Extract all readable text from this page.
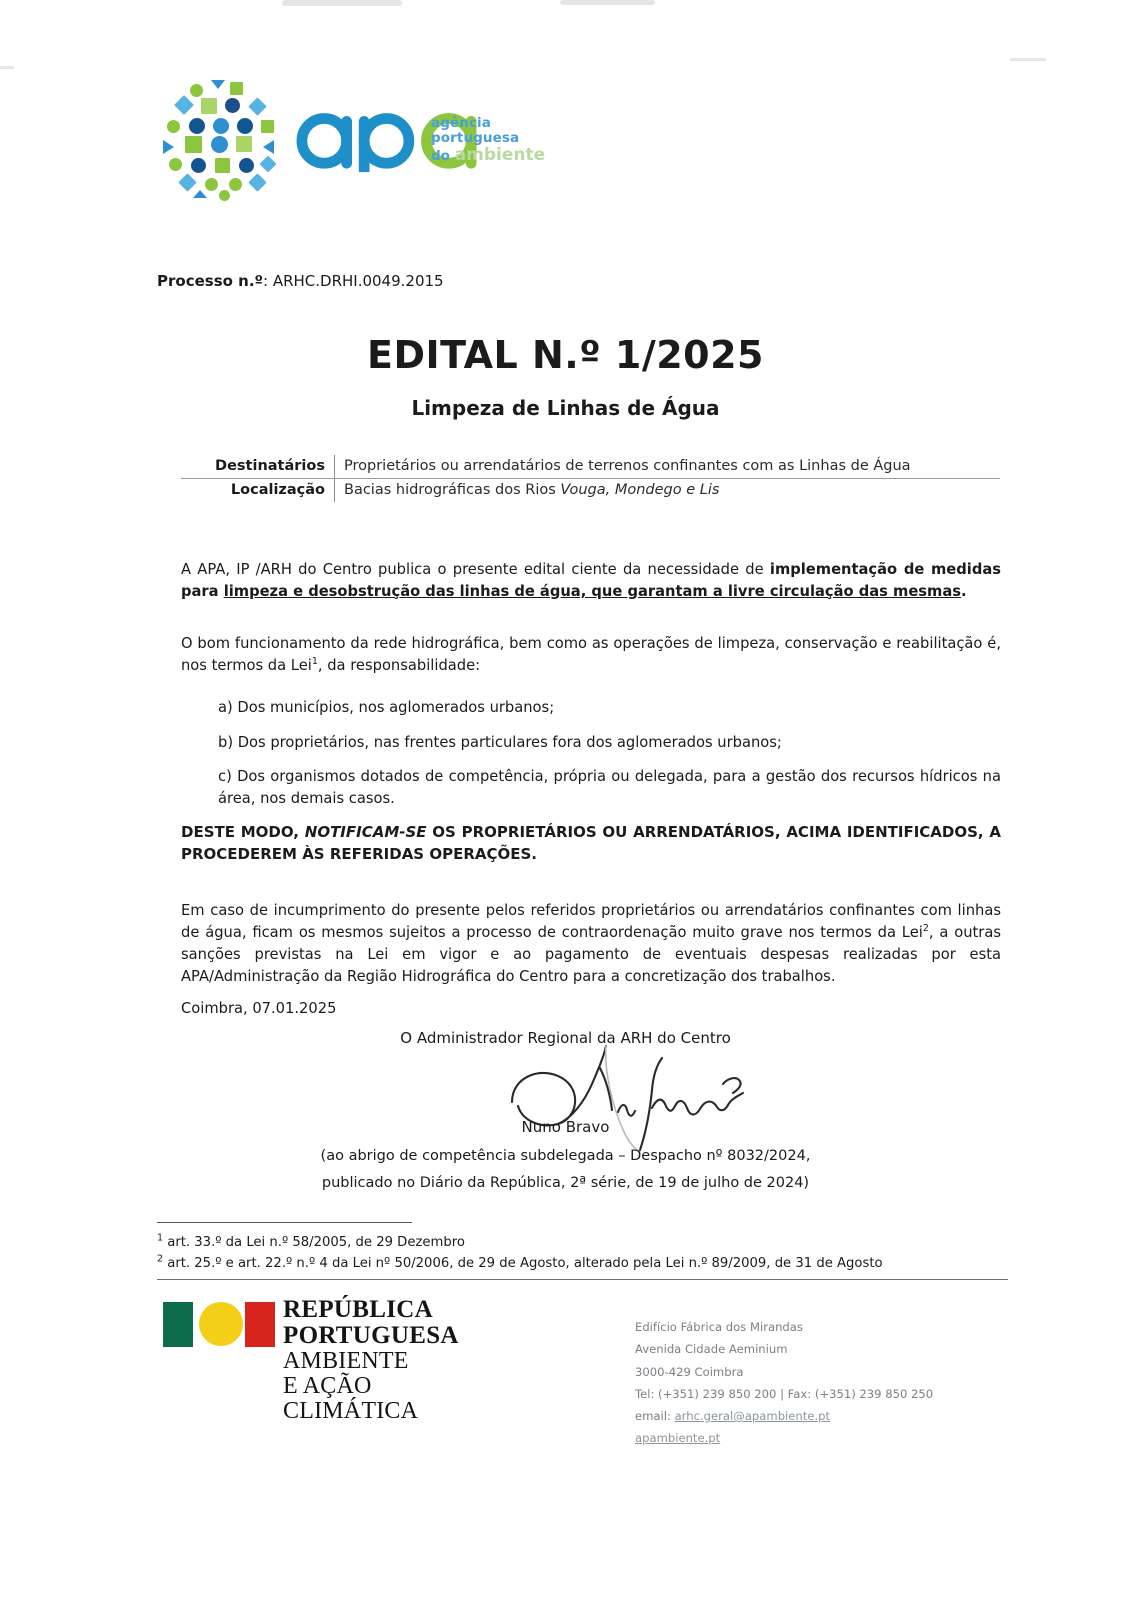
agência portuguesa
do ambiente
Processo n.º: ARHC.DRHI.0049.2015
EDITAL N.º 1/2025
Limpeza de Linhas de Água
Destinatários	Proprietários ou arrendatários de terrenos confinantes com as Linhas de Água
Localização	Bacias hidrográficas dos Rios Vouga, Mondego e Lis
A APA, IP /ARH do Centro publica o presente edital ciente da necessidade de implementação de medidas para limpeza e desobstrução das linhas de água, que garantam a livre circulação das mesmas.
O bom funcionamento da rede hidrográfica, bem como as operações de limpeza, conservação e reabilitação é, nos termos da Lei$^1$, da responsabilidade:
a) Dos municípios, nos aglomerados urbanos;
b) Dos proprietários, nas frentes particulares fora dos aglomerados urbanos;
c) Dos organismos dotados de competência, própria ou delegada, para a gestão dos recursos hídricos na área, nos demais casos.
DESTE MODO, NOTIFICAM-SE OS PROPRIETÁRIOS OU ARRENDATÁRIOS, ACIMA IDENTIFICADOS, A PROCEDEREM ÀS REFERIDAS OPERAÇÕES.
Em caso de incumprimento do presente pelos referidos proprietários ou arrendatários confinantes com linhas de água, ficam os mesmos sujeitos a processo de contraordenação muito grave nos termos da Lei$^2$, a outras sanções previstas na Lei em vigor e ao pagamento de eventuais despesas realizadas por esta APA/Administração da Região Hidrográfica do Centro para a concretização dos trabalhos.
Coimbra, 07.01.2025
O Administrador Regional da ARH do Centro
Nuno Bravo
(ao abrigo de competência subdelegada – Despacho nº 8032/2024,
publicado no Diário da República, 2ª série, de 19 de julho de 2024)
$^1$ art. 33.º da Lei n.º 58/2005, de 29 Dezembro
$^2$ art. 25.º e art. 22.º n.º 4 da Lei nº 50/2006, de 29 de Agosto, alterado pela Lei n.º 89/2009, de 31 de Agosto
REPÚBLICA
PORTUGUESA
AMBIENTE
E AÇÃO CLIMÁTICA
Edifício Fábrica dos Mirandas
Avenida Cidade Aeminium
3000-429 Coimbra
Tel: (+351) 239 850 200 | Fax: (+351) 239 850 250
email: arhc.geral@apambiente.pt
apambiente.pt
